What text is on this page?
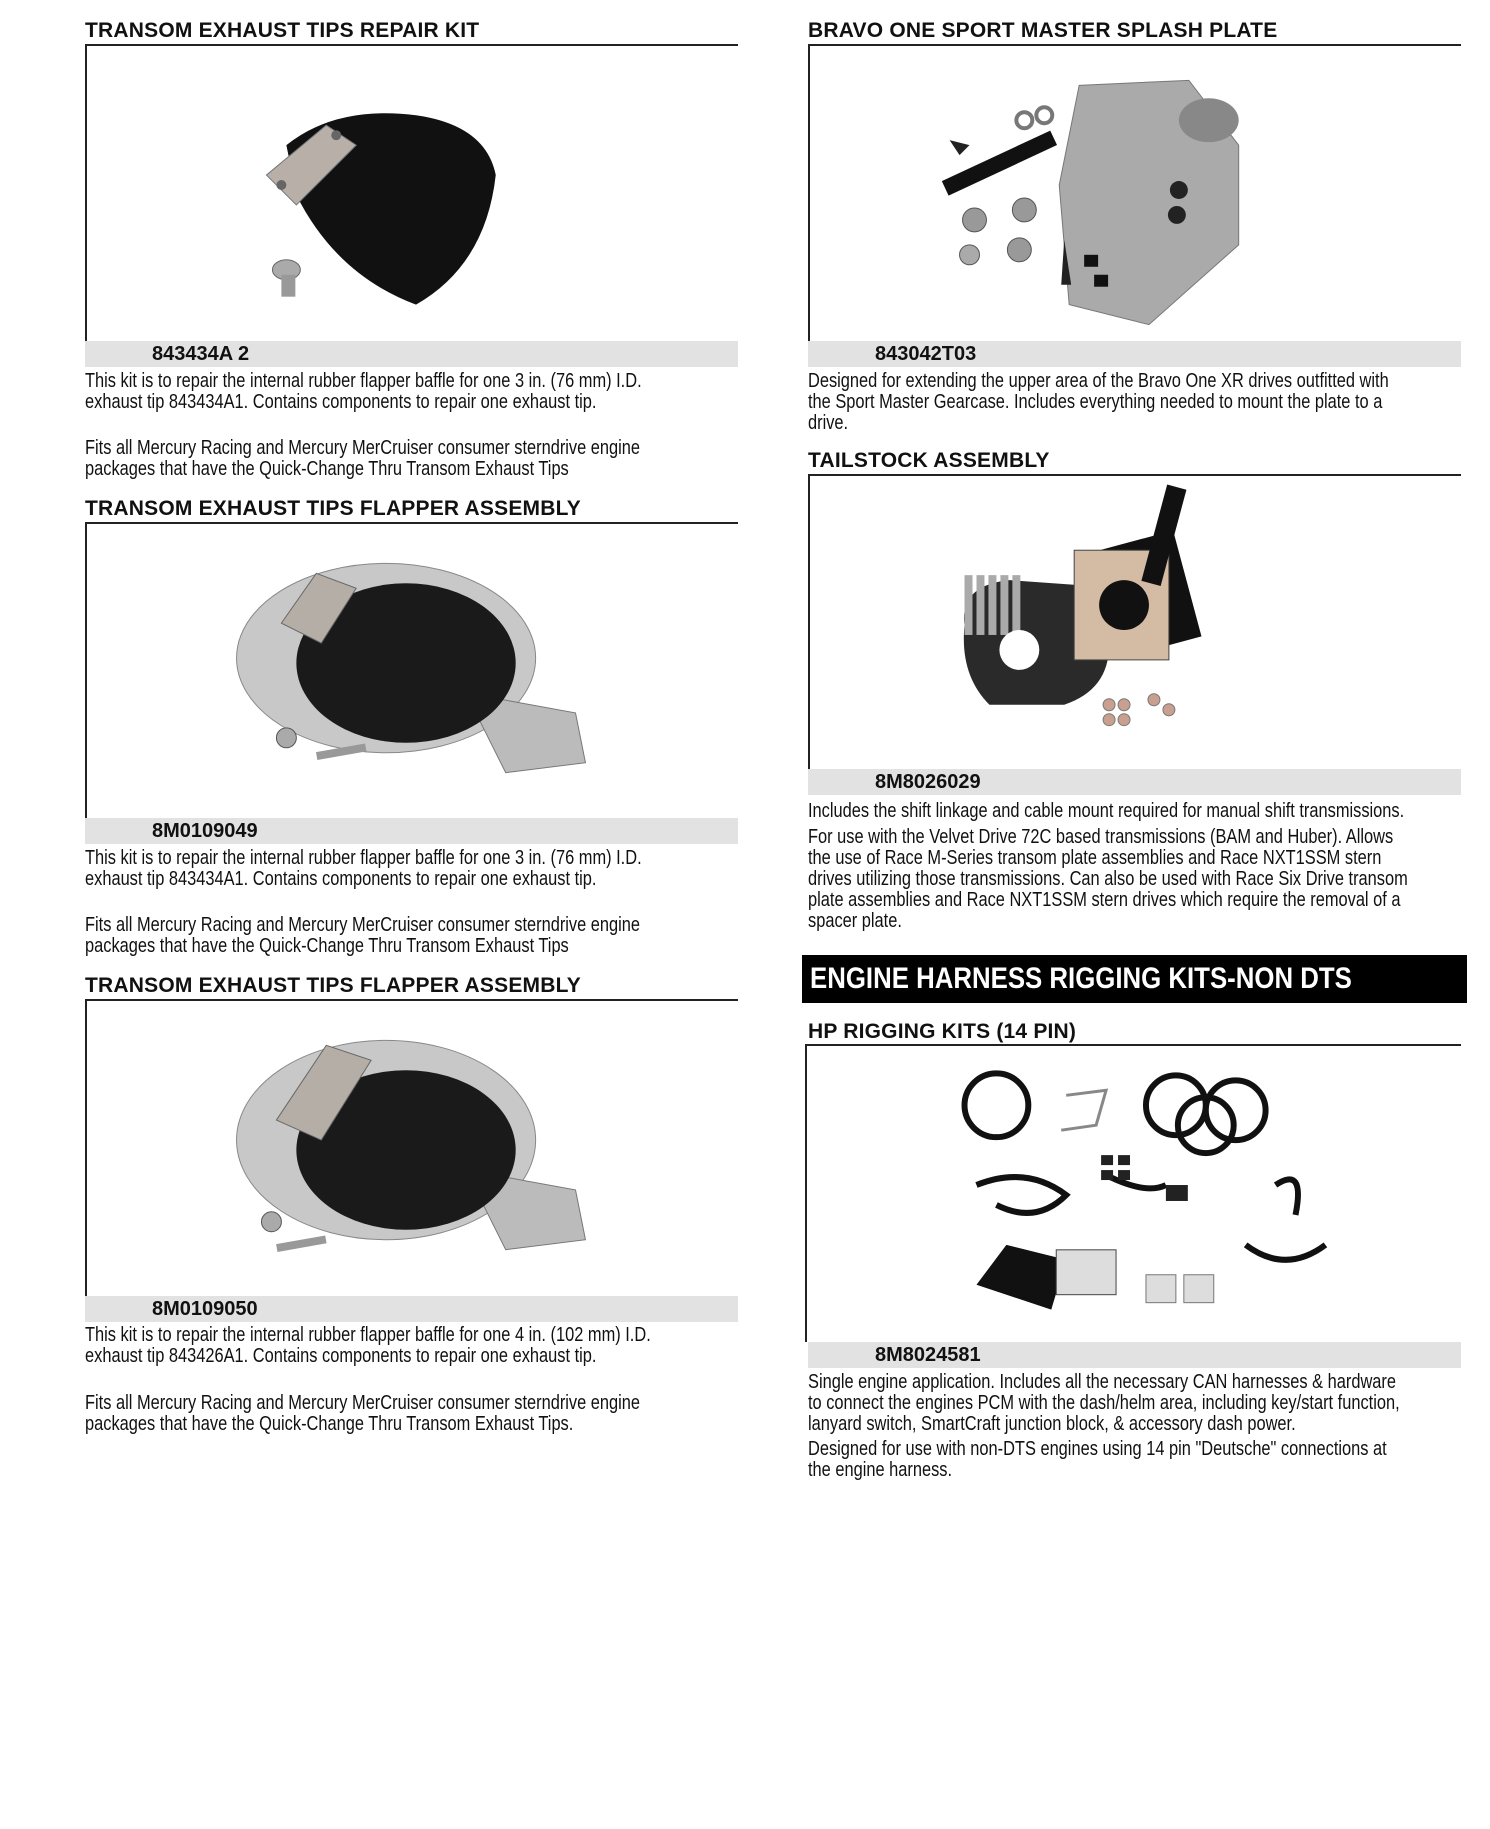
TRANSOM EXHAUST TIPS REPAIR KIT
843434A 2
This kit is to repair the internal rubber flapper baffle for one 3 in. (76 mm) I.D.
exhaust tip 843434A1. Contains components to repair one exhaust tip.
Fits all Mercury Racing and Mercury MerCruiser consumer sterndrive engine
packages that have the Quick-Change Thru Transom Exhaust Tips
TRANSOM EXHAUST TIPS FLAPPER ASSEMBLY
8M0109049
This kit is to repair the internal rubber flapper baffle for one 3 in. (76 mm) I.D.
exhaust tip 843434A1. Contains components to repair one exhaust tip.
Fits all Mercury Racing and Mercury MerCruiser consumer sterndrive engine
packages that have the Quick-Change Thru Transom Exhaust Tips
TRANSOM EXHAUST TIPS FLAPPER ASSEMBLY
8M0109050
This kit is to repair the internal rubber flapper baffle for one 4 in. (102 mm) I.D.
exhaust tip 843426A1. Contains components to repair one exhaust tip.
Fits all Mercury Racing and Mercury MerCruiser consumer sterndrive engine
packages that have the Quick-Change Thru Transom Exhaust Tips.
BRAVO ONE SPORT MASTER SPLASH PLATE
843042T03
Designed for extending the upper area of the Bravo One XR drives outfitted with
the Sport Master Gearcase. Includes everything needed to mount the plate to a
drive.
TAILSTOCK ASSEMBLY
8M8026029
Includes the shift linkage and cable mount required for manual shift transmissions.
For use with the Velvet Drive 72C based transmissions (BAM and Huber). Allows
the use of Race M-Series transom plate assemblies and Race NXT1SSM stern
drives utilizing those transmissions. Can also be used with Race Six Drive transom
plate assemblies and Race NXT1SSM stern drives which require the removal of a
spacer plate.
ENGINE HARNESS RIGGING KITS-NON DTS
HP RIGGING KITS (14 PIN)
8M8024581
Single engine application. Includes all the necessary CAN harnesses & hardware
to connect the engines PCM with the dash/helm area, including key/start function,
lanyard switch, SmartCraft junction block, & accessory dash power.
Designed for use with non-DTS engines using 14 pin "Deutsche" connections at
the engine harness.
